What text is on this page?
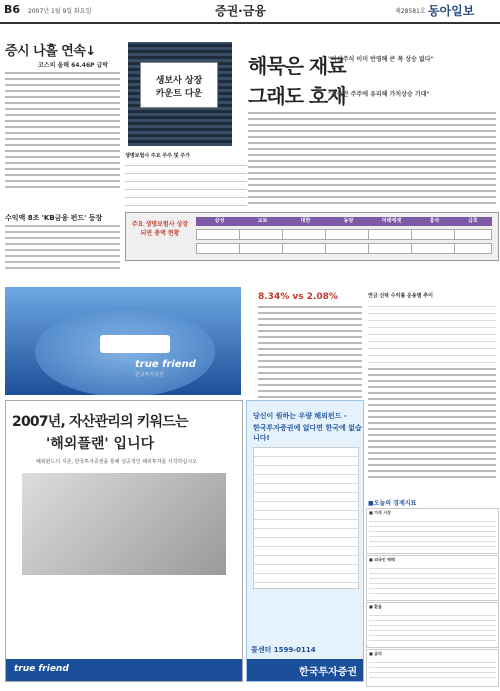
B6 2007년 1월 9일 화요일	증권·금융	제28581호 동아일보
증시 나흘 연속↓
코스피 올해 64.46P 급락
수익액 8조 'KB금융 펀드' 등장
생보사 상장
카운트 다운
해묵은 재료
그래도 호재
"자산주식 이미 반영해 큰 폭 상승 없다"
"최종안 주주에 유리해 가치상승 기대"
생명보험사 주요 주주 및 주가

주요 생명보험사 상장되면 총액 현황
삼성	교보	대한	동양	미래에셋	흥국	금호
true friend
한국투자증권
8.34% vs 2.08%	연금 신탁 수익률 운용별 추이

2007년, 자산관리의 키워드는
'해외플랜' 입니다
해외펀드의 지존, 한국투자증권을 통해 성공적인 해외투자를 시작하십시오
true friend
당신이 원하는 우량 해외펀드 -
한국투자증권에 없다면 한국에 없습니다!
콜센터 1599-0114
한국투자증권
■오늘의 경제지표
■ 가격 시장
■ 외국인 매매
■ 환율
■ 금리
